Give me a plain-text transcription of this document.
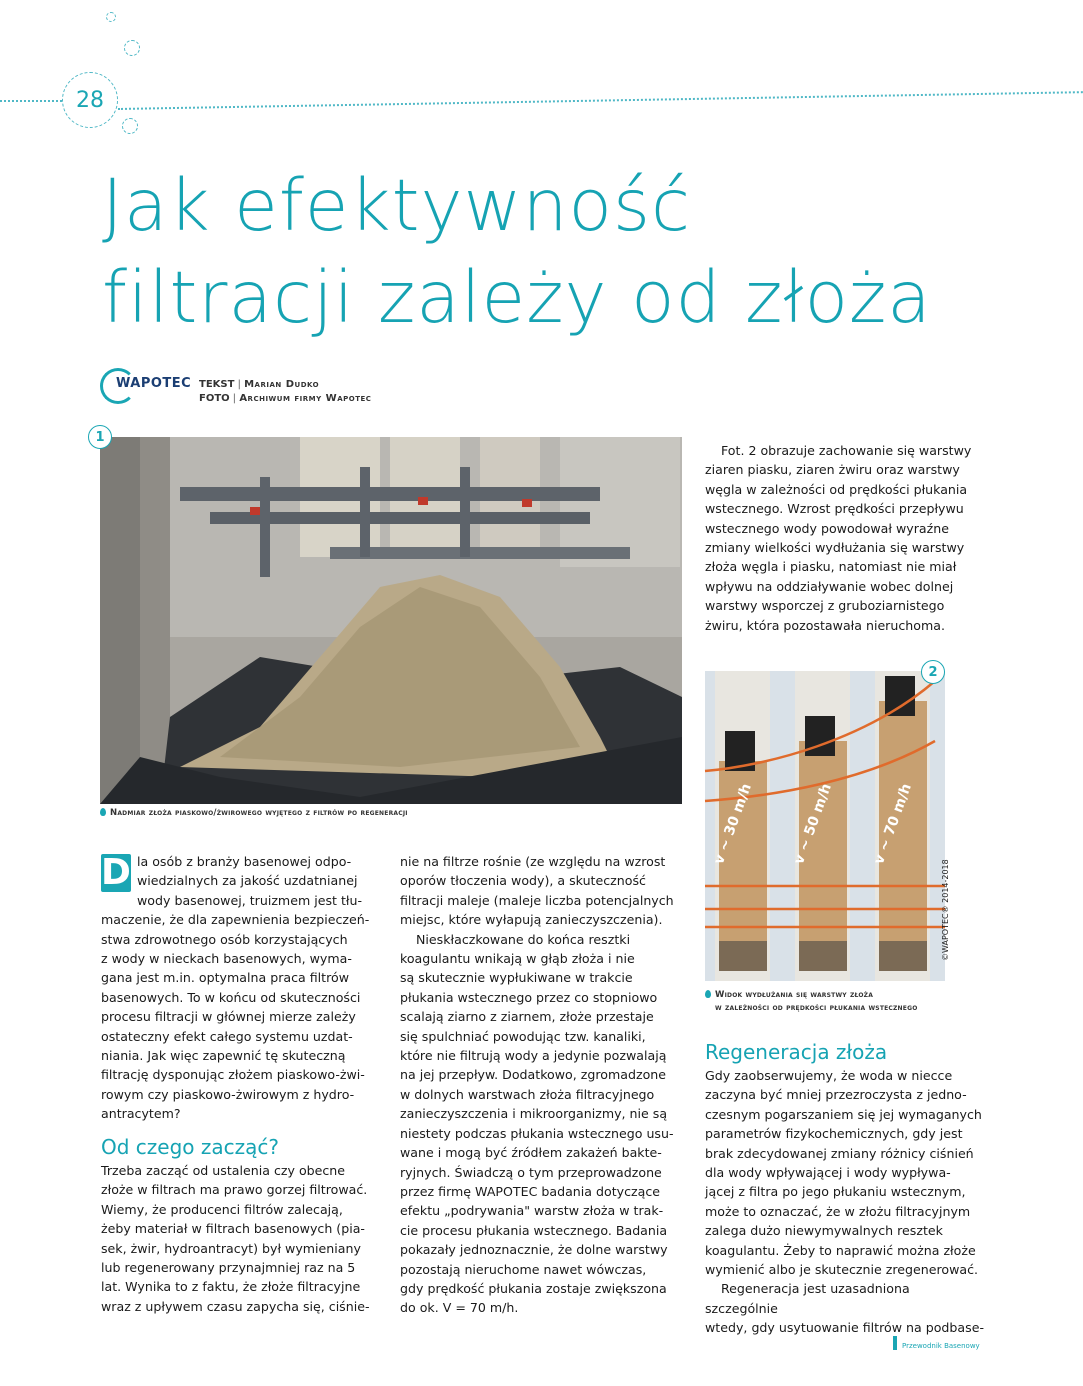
28
Jak efektywność
filtracji zależy od złoża
WAPOTEC TEKST | Marian Dudko
FOTO | Archiwum firmy Wapotec
1
Nadmiar złoża piaskowo/żwirowego wyjętego z filtrów po regeneracji	v ~ 30 m/h	v ~ 50 m/h	v ~ 70 m/h
©WAPOTEC® 2014-2018
2
Widok wydłużania się warstwy złoża
w zależności od prędkości płukania wstecznego
D la osób z branży basenowej odpo-
wiedzialnych za jakość uzdatnianej
wody basenowej, truizmem jest tłu-
maczenie, że dla zapewnienia bezpieczeń-
stwa zdrowotnego osób korzystających
z wody w nieckach basenowych, wyma-
gana jest m.in. optymalna praca filtrów
basenowych. To w końcu od skuteczności
procesu filtracji w głównej mierze zależy
ostateczny efekt całego systemu uzdat-
niania. Jak więc zapewnić tę skuteczną
filtrację dysponując złożem piaskowo-żwi-
rowym czy piaskowo-żwirowym z hydro-
antracytem?

Od czego zacząć?

Trzeba zacząć od ustalenia czy obecne
złoże w filtrach ma prawo gorzej filtrować.
Wiemy, że producenci filtrów zalecają,
żeby materiał w filtrach basenowych (pia-
sek, żwir, hydroantracyt) był wymieniany
lub regenerowany przynajmniej raz na 5
lat. Wynika to z faktu, że złoże filtracyjne
wraz z upływem czasu zapycha się, ciśnie-

nie na filtrze rośnie (ze względu na wzrost
oporów tłoczenia wody), a skuteczność
filtracji maleje (maleje liczba potencjalnych
miejsc, które wyłapują zanieczyszczenia).

Nieskłaczkowane do końca resztki
koagulantu wnikają w głąb złoża i nie
są skutecznie wypłukiwane w trakcie
płukania wstecznego przez co stopniowo
scalają ziarno z ziarnem, złoże przestaje
się spulchniać powodując tzw. kanaliki,
które nie filtrują wody a jedynie pozwalają
na jej przepływ. Dodatkowo, zgromadzone
w dolnych warstwach złoża filtracyjnego
zanieczyszczenia i mikroorganizmy, nie są
niestety podczas płukania wstecznego usu-
wane i mogą być źródłem zakażeń bakte-
ryjnych. Świadczą o tym przeprowadzone
przez firmę WAPOTEC badania dotyczące
efektu „podrywania" warstw złoża w trak-
cie procesu płukania wstecznego. Badania
pokazały jednoznacznie, że dolne warstwy
pozostają nieruchome nawet wówczas,
gdy prędkość płukania zostaje zwiększona
do ok. V = 70 m/h.

Fot. 2 obrazuje zachowanie się warstwy
ziaren piasku, ziaren żwiru oraz warstwy
węgla w zależności od prędkości płukania
wstecznego. Wzrost prędkości przepływu
wstecznego wody powodował wyraźne
zmiany wielkości wydłużania się warstwy
złoża węgla i piasku, natomiast nie miał
wpływu na oddziaływanie wobec dolnej
warstwy wsporczej z gruboziarnistego
żwiru, która pozostawała nieruchoma.

Regeneracja złoża

Gdy zaobserwujemy, że woda w niecce
zaczyna być mniej przezroczysta z jedno-
czesnym pogarszaniem się jej wymaganych
parametrów fizykochemicznych, gdy jest
brak zdecydowanej zmiany różnicy ciśnień
dla wody wpływającej i wody wypływa-
jącej z filtra po jego płukaniu wstecznym,
może to oznaczać, że w złożu filtracyjnym
zalega dużo niewymywalnych resztek
koagulantu. Żeby to naprawić można złoże
wymienić albo je skutecznie zregenerować.

Regeneracja jest uzasadniona szczególnie
wtedy, gdy usytuowanie filtrów na podbase-

Przewodnik Basenowy
